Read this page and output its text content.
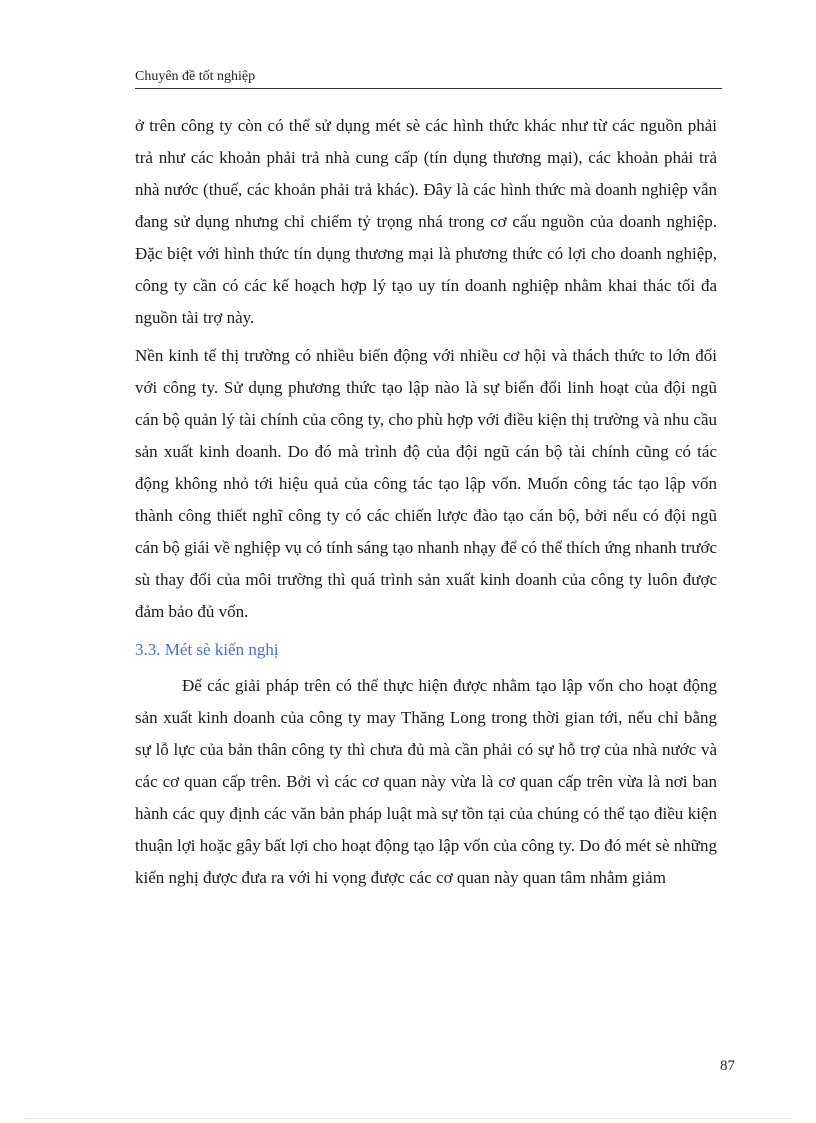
Chuyên đề tốt nghiệp

ở trên công ty còn có thể sử dụng mét sè các hình thức khác như từ các nguồn phải trả như các khoản phải trả nhà cung cấp (tín dụng thương mại), các khoản phải trả nhà nước (thuế, các khoản phải trả khác). Đây là các hình thức mà doanh nghiệp vẫn đang sử dụng nhưng chỉ chiếm tỷ trọng nhá trong cơ cấu nguồn của doanh nghiệp. Đặc biệt với hình thức tín dụng thương mại là phương thức có lợi cho doanh nghiệp, công ty cần có các kế hoạch hợp lý tạo uy tín doanh nghiệp nhằm khai thác tối đa nguồn tài trợ này.

Nền kinh tế thị trường có nhiều biến động với nhiều cơ hội và thách thức to lớn đối với công ty. Sử dụng phương thức tạo lập nào là sự biến đổi linh hoạt của đội ngũ cán bộ quản lý tài chính của công ty, cho phù hợp với điều kiện thị trường và nhu cầu sản xuất kinh doanh. Do đó mà trình độ của đội ngũ cán bộ tài chính cũng có tác động không nhỏ tới hiệu quả của công tác tạo lập vốn. Muốn công tác tạo lập vốn thành công thiết nghĩ công ty có các chiến lược đào tạo cán bộ, bởi nếu có đội ngũ cán bộ giái về nghiệp vụ có tính sáng tạo nhanh nhạy để có thể thích ứng nhanh trước sù thay đổi của môi trường thì quá trình sản xuất kinh doanh của công ty luôn được đảm bảo đủ vốn.

3.3. Mét sè kiến nghị

Để các giải pháp trên có thể thực hiện được nhằm tạo lập vốn cho hoạt động sản xuất kinh doanh của công ty may Thăng Long trong thời gian tới, nếu chỉ bằng sự lỗ lực của bản thân công ty thì chưa đủ mà cần phải có sự hỗ trợ của nhà nước và các cơ quan cấp trên. Bởi vì các cơ quan này vừa là cơ quan cấp trên vừa là nơi ban hành các quy định các văn bản pháp luật mà sự tồn tại của chúng có thể tạo điều kiện thuận lợi hoặc gây bất lợi cho hoạt động tạo lập vốn của công ty. Do đó mét sè những kiến nghị được đưa ra với hi vọng được các cơ quan này quan tâm nhằm giảm

87
